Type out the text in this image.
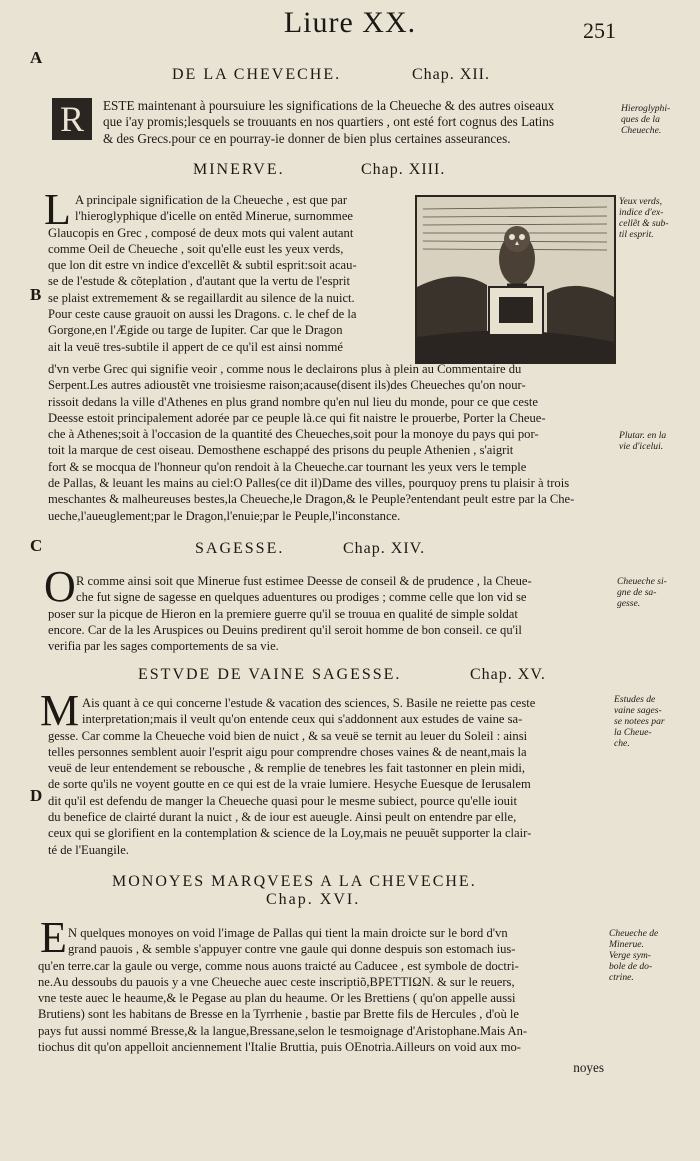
Liure XX.	251
A
B
C
D
DE LA CHEVECHE.	Chap. XII.
R	ESTE maintenant à poursuiure les significations de la Cheueche & des autres oiseaux
que i'ay promis;lesquels se trouuants en nos quartiers , ont esté fort cognus des Latins
& des Grecs.pour ce en pourray-ie donner de bien plus certaines asseurances.
Hieroglyphi-
ques de la
Cheueche.
MINERVE.	Chap. XIII.
L A principale signification de la Cheueche , est que par
l'hieroglyphique d'icelle on entẽd Minerue, surnommee
Glaucopis en Grec , composé de deux mots qui valent autant
comme Oeil de Cheueche , soit qu'elle eust les yeux verds,
que lon dit estre vn indice d'excellẽt & subtil esprit:soit acau-
se de l'estude & cõteplation , d'autant que la vertu de l'esprit
se plaist extremement & se regaillardit au silence de la nuict.
Pour ceste cause grauoit on aussi les Dragons. c. le chef de la
Gorgone,en l'Ægide ou targe de Iupiter. Car que le Dragon
ait la veuë tres-subtile il appert de ce qu'il est ainsi nommé
Yeux verds,
indice d'ex-
cellẽt & sub-
til esprit.
d'vn verbe Grec qui signifie veoir , comme nous le declairons plus à plein au Commentaire du
Serpent.Les autres adioustẽt vne troisiesme raison;acause(disent ils)des Cheueches qu'on nour-
rissoit dedans la ville d'Athenes en plus grand nombre qu'en nul lieu du monde, pour ce que ceste
Deesse estoit principalement adorée par ce peuple là.ce qui fit naistre le prouerbe, Porter la Cheue-
che à Athenes;soit à l'occasion de la quantité des Cheueches,soit pour la monoye du pays qui por-
toit la marque de cest oiseau. Demosthene eschappé des prisons du peuple Athenien , s'aigrit
fort & se mocqua de l'honneur qu'on rendoit à la Cheueche.car tournant les yeux vers le temple
de Pallas, & leuant les mains au ciel:O Palles(ce dit il)Dame des villes, pourquoy prens tu plaisir à trois
meschantes & malheureuses bestes,la Cheueche,le Dragon,& le Peuple?entendant peult estre par la Che-
ueche,l'aueuglement;par le Dragon,l'enuie;par le Peuple,l'inconstance.
Plutar. en la
vie d'icelui.
SAGESSE.	Chap. XIV.
O R comme ainsi soit que Minerue fust estimee Deesse de conseil & de prudence , la Cheue-
che fut signe de sagesse en quelques aduentures ou prodiges ; comme celle que lon vid se
poser sur la picque de Hieron en la premiere guerre qu'il se trouua en qualité de simple soldat
encore. Car de la les Aruspices ou Deuins predirent qu'il seroit homme de bon conseil. ce qu'il
verifia par les sages comportements de sa vie.
Cheueche si-
gne de sa-
gesse.
ESTVDE DE VAINE SAGESSE.	Chap. XV.
M Ais quant à ce qui concerne l'estude & vacation des sciences, S. Basile ne reiette pas ceste
interpretation;mais il veult qu'on entende ceux qui s'addonnent aux estudes de vaine sa-
gesse. Car comme la Cheueche void bien de nuict , & sa veuë se ternit au leuer du Soleil : ainsi
telles personnes semblent auoir l'esprit aigu pour comprendre choses vaines & de neant,mais la
veuë de leur entendement se rebousche , & remplie de tenebres les fait tastonner en plein midi,
de sorte qu'ils ne voyent goutte en ce qui est de la vraie lumiere. Hesyche Euesque de Ierusalem
dit qu'il est defendu de manger la Cheueche quasi pour le mesme subiect, pource qu'elle iouit
du benefice de clairté durant la nuict , & de iour est aueugle. Ainsi peult on entendre par elle,
ceux qui se glorifient en la contemplation & science de la Loy,mais ne peuuẽt supporter la clair-
té de l'Euangile.
Estudes de
vaine sages-
se notees par
la Cheue-
che.
MONOYES MARQVEES A LA CHEVECHE.
Chap. XVI.
E N quelques monoyes on void l'image de Pallas qui tient la main droicte sur le bord d'vn
grand pauois , & semble s'appuyer contre vne gaule qui donne despuis son estomach ius-
qu'en terre.car la gaule ou verge, comme nous auons traicté au Caducee , est symbole de doctri-
ne.Au dessoubs du pauois y a vne Cheueche auec ceste inscriptiõ,BPETTIΩN. & sur le reuers,
vne teste auec le heaume,& le Pegase au plan du heaume. Or les Brettiens ( qu'on appelle aussi
Brutiens) sont les habitans de Bresse en la Tyrrhenie , bastie par Brette fils de Hercules , d'où le
pays fut aussi nommé Bresse,& la langue,Bressane,selon le tesmoignage d'Aristophane.Mais An-
tiochus dit qu'on appelloit anciennement l'Italie Bruttia, puis OEnotria.Ailleurs on void aux mo-
noyes
Cheueche de
Minerue.
Verge sym-
bole de do-
ctrine.
